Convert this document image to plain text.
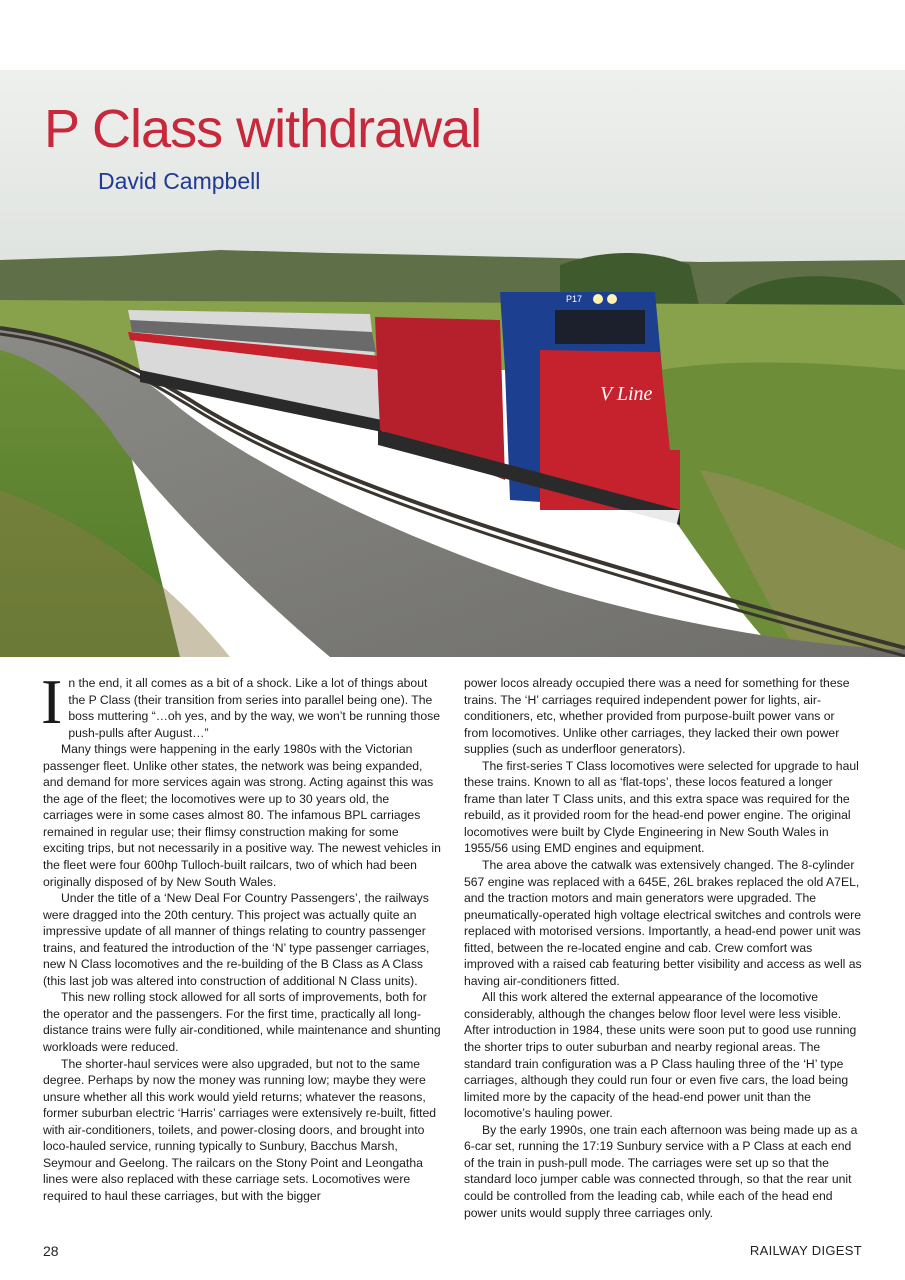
V Line
P17
P Class withdrawal
David Campbell

In the end, it all comes as a bit of a shock. Like a lot of things about the P Class (their transition from series into parallel being one). The boss muttering “…oh yes, and by the way, we won’t be running those push-pulls after August…”

Many things were happening in the early 1980s with the Victorian passenger fleet. Unlike other states, the network was being expanded, and demand for more services again was strong. Acting against this was the age of the fleet; the locomotives were up to 30 years old, the carriages were in some cases almost 80. The infamous BPL carriages remained in regular use; their flimsy construction making for some exciting trips, but not necessarily in a positive way. The newest vehicles in the fleet were four 600hp Tulloch-built railcars, two of which had been originally disposed of by New South Wales.

Under the title of a ‘New Deal For Country Passengers’, the railways were dragged into the 20th century. This project was actually quite an impressive update of all manner of things relating to country passenger trains, and featured the introduction of the ‘N’ type passenger carriages, new N Class locomotives and the re-building of the B Class as A Class (this last job was altered into construction of additional N Class units).

This new rolling stock allowed for all sorts of improvements, both for the operator and the passengers. For the first time, practically all long-distance trains were fully air-conditioned, while maintenance and shunting workloads were reduced.

The shorter-haul services were also upgraded, but not to the same degree. Perhaps by now the money was running low; maybe they were unsure whether all this work would yield returns; whatever the reasons, former suburban electric ‘Harris’ carriages were extensively re-built, fitted with air-conditioners, toilets, and power-closing doors, and brought into loco-hauled service, running typically to Sunbury, Bacchus Marsh, Seymour and Geelong. The railcars on the Stony Point and Leongatha lines were also replaced with these carriage sets. Locomotives were required to haul these carriages, but with the bigger

power locos already occupied there was a need for something for these trains. The ‘H’ carriages required independent power for lights, air-conditioners, etc, whether provided from purpose-built power vans or from locomotives. Unlike other carriages, they lacked their own power supplies (such as underfloor generators).

The first-series T Class locomotives were selected for upgrade to haul these trains. Known to all as ‘flat-tops’, these locos featured a longer frame than later T Class units, and this extra space was required for the rebuild, as it provided room for the head-end power engine. The original locomotives were built by Clyde Engineering in New South Wales in 1955/56 using EMD engines and equipment.

The area above the catwalk was extensively changed. The 8-cylinder 567 engine was replaced with a 645E, 26L brakes replaced the old A7EL, and the traction motors and main generators were upgraded. The pneumatically-operated high voltage electrical switches and controls were replaced with motorised versions. Importantly, a head-end power unit was fitted, between the re-located engine and cab. Crew comfort was improved with a raised cab featuring better visibility and access as well as having air-conditioners fitted.

All this work altered the external appearance of the locomotive considerably, although the changes below floor level were less visible. After introduction in 1984, these units were soon put to good use running the shorter trips to outer suburban and nearby regional areas. The standard train configuration was a P Class hauling three of the ‘H’ type carriages, although they could run four or even five cars, the load being limited more by the capacity of the head-end power unit than the locomotive’s hauling power.

By the early 1990s, one train each afternoon was being made up as a 6-car set, running the 17:19 Sunbury service with a P Class at each end of the train in push-pull mode. The carriages were set up so that the standard loco jumper cable was connected through, so that the rear unit could be controlled from the leading cab, while each of the head end power units would supply three carriages only.

28	RAILWAY DIGEST
